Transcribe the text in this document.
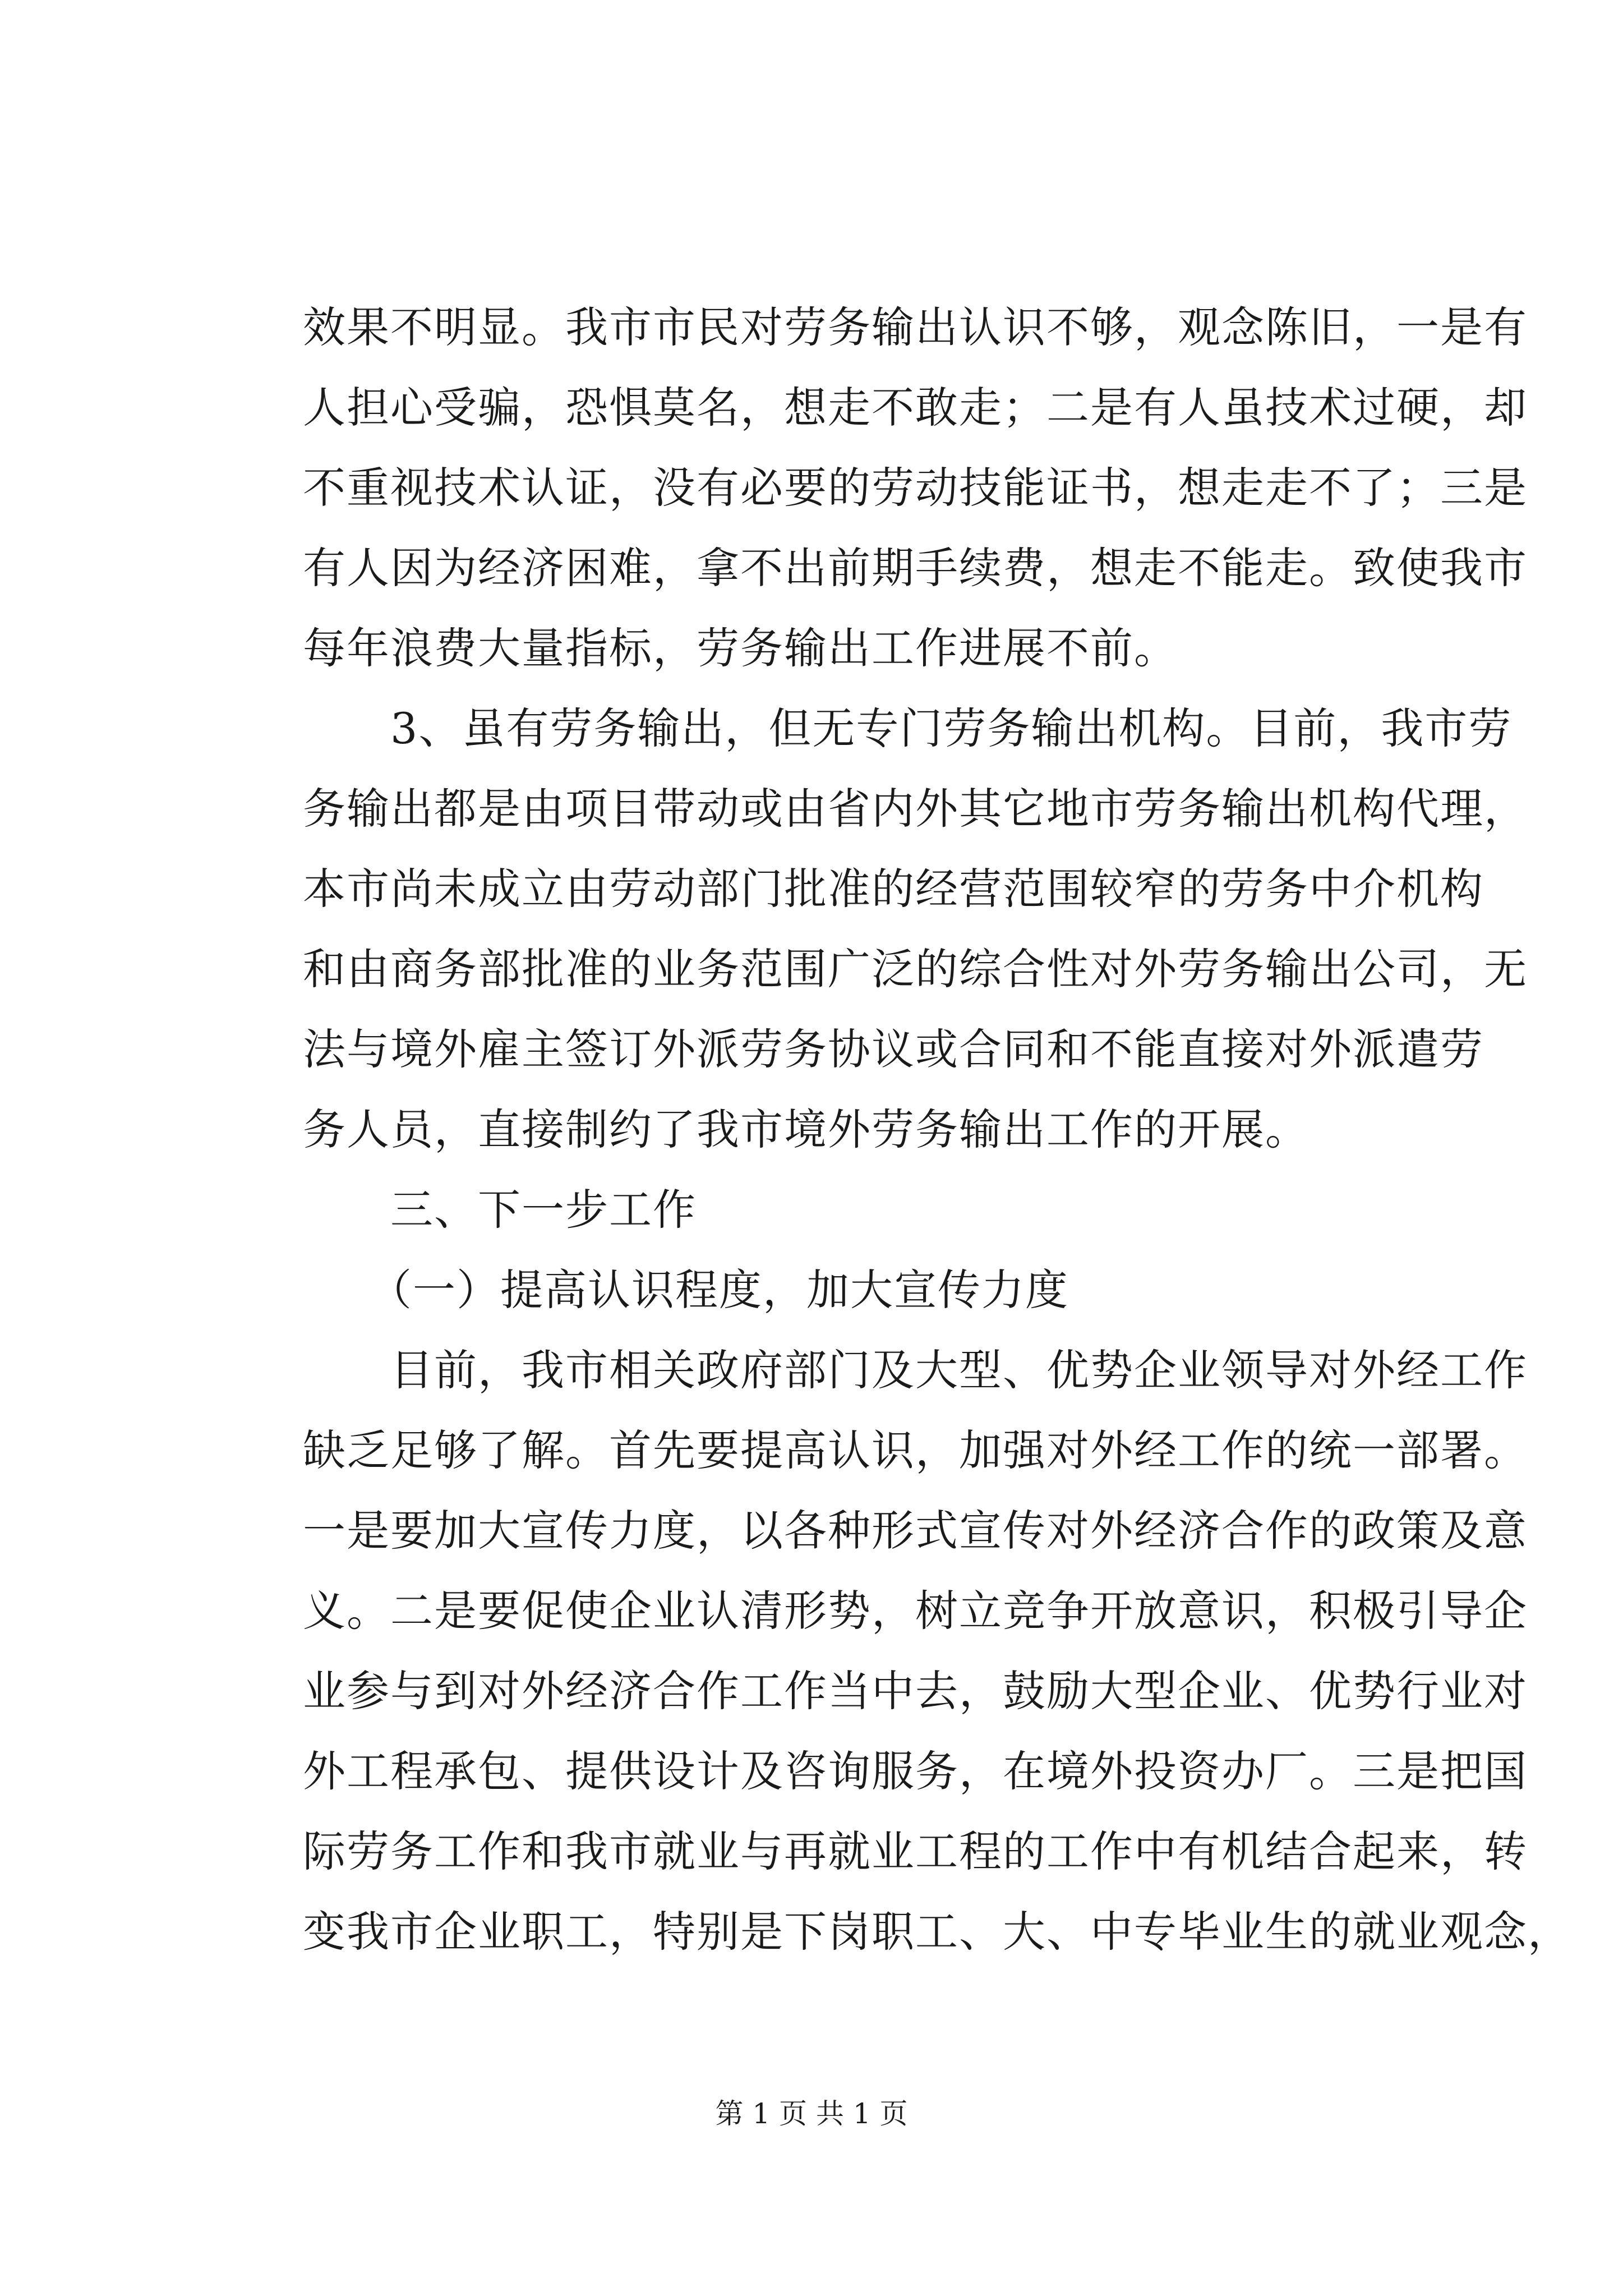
效果不明显。我市市民对劳务输出认识不够，观念陈旧，一是有
人担心受骗，恐惧莫名，想走不敢走；二是有人虽技术过硬，却
不重视技术认证，没有必要的劳动技能证书，想走走不了；三是
有人因为经济困难，拿不出前期手续费，想走不能走。致使我市
每年浪费大量指标，劳务输出工作进展不前。
　　3、虽有劳务输出，但无专门劳务输出机构。目前，我市劳
务输出都是由项目带动或由省内外其它地市劳务输出机构代理，
本市尚未成立由劳动部门批准的经营范围较窄的劳务中介机构
和由商务部批准的业务范围广泛的综合性对外劳务输出公司，无
法与境外雇主签订外派劳务协议或合同和不能直接对外派遣劳
务人员，直接制约了我市境外劳务输出工作的开展。
　　三、下一步工作
　　（一）提高认识程度，加大宣传力度
　　目前，我市相关政府部门及大型、优势企业领导对外经工作
缺乏足够了解。首先要提高认识，加强对外经工作的统一部署。
一是要加大宣传力度，以各种形式宣传对外经济合作的政策及意
义。二是要促使企业认清形势，树立竞争开放意识，积极引导企
业参与到对外经济合作工作当中去，鼓励大型企业、优势行业对
外工程承包、提供设计及咨询服务，在境外投资办厂。三是把国
际劳务工作和我市就业与再就业工程的工作中有机结合起来，转
变我市企业职工，特别是下岗职工、大、中专毕业生的就业观念，
第 1 页 共 1 页
